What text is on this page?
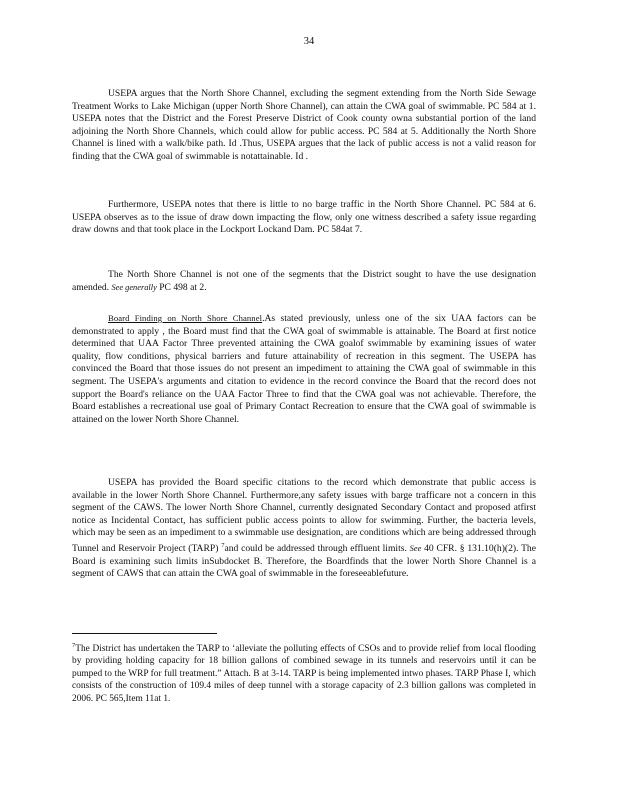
34

USEPA argues that the North Shore Channel, excluding the segment extending from the North Side Sewage Treatment Works to Lake Michigan (upper North Shore Channel), can attain the CWA goal of swimmable. PC 584 at 1. USEPA notes that the District and the Forest Preserve District of Cook county owna substantial portion of the land adjoining the North Shore Channels, which could allow for public access. PC 584 at 5. Additionally the North Shore Channel is lined with a walk/bike path. Id .Thus, USEPA argues that the lack of public access is not a valid reason for finding that the CWA goal of swimmable is notattainable. Id .

Furthermore, USEPA notes that there is little to no barge traffic in the North Shore Channel. PC 584 at 6. USEPA observes as to the issue of draw down impacting the flow, only one witness described a safety issue regarding draw downs and that took place in the Lockport Lockand Dam. PC 584at 7.

The North Shore Channel is not one of the segments that the District sought to have the use designation amended. See generally PC 498 at 2.

Board Finding on North Shore Channel.As stated previously, unless one of the six UAA factors can be demonstrated to apply , the Board must find that the CWA goal of swimmable is attainable. The Board at first notice determined that UAA Factor Three prevented attaining the CWA goalof swimmable by examining issues of water quality, flow conditions, physical barriers and future attainability of recreation in this segment. The USEPA has convinced the Board that those issues do not present an impediment to attaining the CWA goal of swimmable in this segment. The USEPA's arguments and citation to evidence in the record convince the Board that the record does not support the Board's reliance on the UAA Factor Three to find that the CWA goal was not achievable. Therefore, the Board establishes a recreational use goal of Primary Contact Recreation to ensure that the CWA goal of swimmable is attained on the lower North Shore Channel.

USEPA has provided the Board specific citations to the record which demonstrate that public access is available in the lower North Shore Channel. Furthermore,any safety issues with barge trafficare not a concern in this segment of the CAWS. The lower North Shore Channel, currently designated Secondary Contact and proposed atfirst notice as Incidental Contact, has sufficient public access points to allow for swimming. Further, the bacteria levels, which may be seen as an impediment to a swimmable use designation, are conditions which are being addressed through Tunnel and Reservoir Project (TARP) $^7$and could be addressed through effluent limits. See 40 CFR. § 131.10(h)(2). The Board is examining such limits inSubdocket B. Therefore, the Boardfinds that the lower North Shore Channel is a segment of CAWS that can attain the CWA goal of swimmable in the foreseeablefuture.

$^7$The District has undertaken the TARP to ‘alleviate the polluting effects of CSOs and to provide relief from local flooding by providing holding capacity for 18 billion gallons of combined sewage in its tunnels and reservoirs until it can be pumped to the WRP for full treatment.” Attach. B at 3-14. TARP is being implemented intwo phases. TARP Phase I, which consists of the construction of 109.4 miles of deep tunnel with a storage capacity of 2.3 billion gallons was completed in 2006. PC 565,Item 11at 1.
